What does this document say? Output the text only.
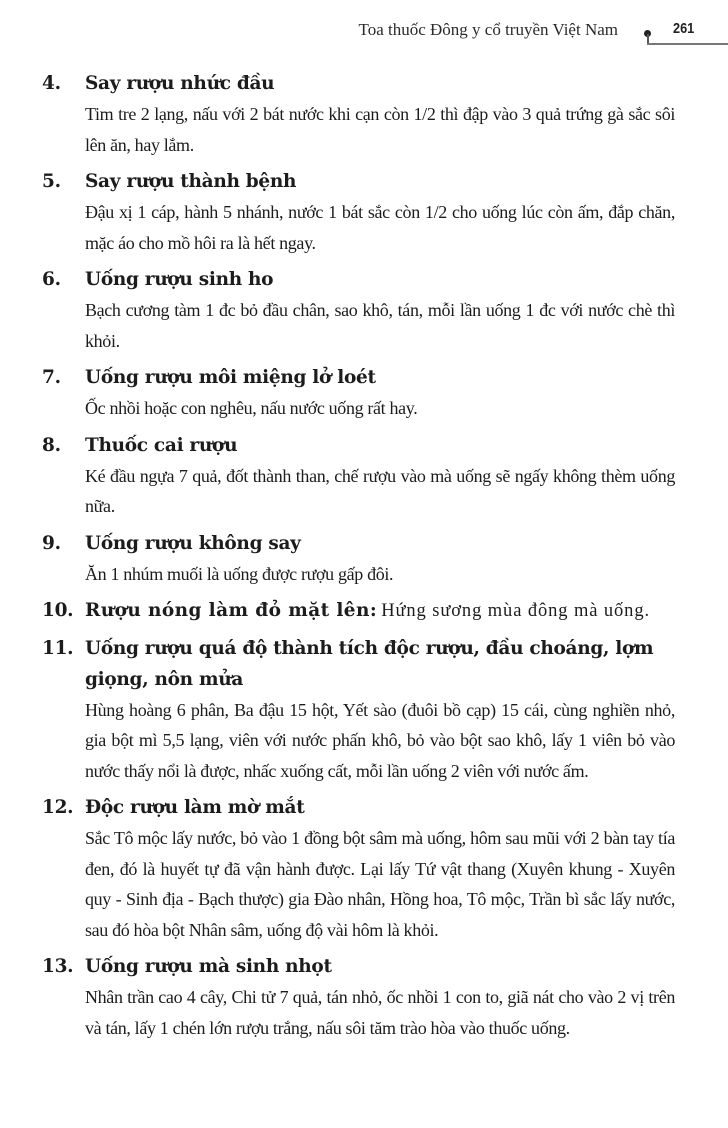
Toa thuốc Đông y cổ truyền Việt Nam	261
4. Say rượu nhức đầu
Tim tre 2 lạng, nấu với 2 bát nước khi cạn còn 1/2 thì đập vào 3 quả trứng gà sắc sôi lên ăn, hay lắm.
5. Say rượu thành bệnh
Đậu xị 1 cáp, hành 5 nhánh, nước 1 bát sắc còn 1/2 cho uống lúc còn ấm, đắp chăn, mặc áo cho mồ hôi ra là hết ngay.
6. Uống rượu sinh ho
Bạch cương tàm 1 đc bỏ đầu chân, sao khô, tán, mỗi lần uống 1 đc với nước chè thì khỏi.
7. Uống rượu môi miệng lở loét
Ốc nhồi hoặc con nghêu, nấu nước uống rất hay.
8. Thuốc cai rượu
Ké đầu ngựa 7 quả, đốt thành than, chế rượu vào mà uống sẽ ngấy không thèm uống nữa.
9. Uống rượu không say
Ăn 1 nhúm muối là uống được rượu gấp đôi.
10. Rượu nóng làm đỏ mặt lên: Hứng sương mùa đông mà uống.
11. Uống rượu quá độ thành tích độc rượu, đầu choáng, lợm giọng, nôn mửa
Hùng hoàng 6 phân, Ba đậu 15 hột, Yết sào (đuôi bồ cạp) 15 cái, cùng nghiền nhỏ, gia bột mì 5,5 lạng, viên với nước phấn khô, bỏ vào bột sao khô, lấy 1 viên bỏ vào nước thấy nổi là được, nhấc xuống cất, mỗi lần uống 2 viên với nước ấm.
12. Độc rượu làm mờ mắt
Sắc Tô mộc lấy nước, bỏ vào 1 đồng bột sâm mà uống, hôm sau mũi với 2 bàn tay tía đen, đó là huyết tự đã vận hành được. Lại lấy Tứ vật thang (Xuyên khung - Xuyên quy - Sinh địa - Bạch thược) gia Đào nhân, Hồng hoa, Tô mộc, Trần bì sắc lấy nước, sau đó hòa bột Nhân sâm, uống độ vài hôm là khỏi.
13. Uống rượu mà sinh nhọt
Nhân trần cao 4 cây, Chi tử 7 quả, tán nhỏ, ốc nhồi 1 con to, giã nát cho vào 2 vị trên và tán, lấy 1 chén lớn rượu trắng, nấu sôi tăm trào hòa vào thuốc uống.
